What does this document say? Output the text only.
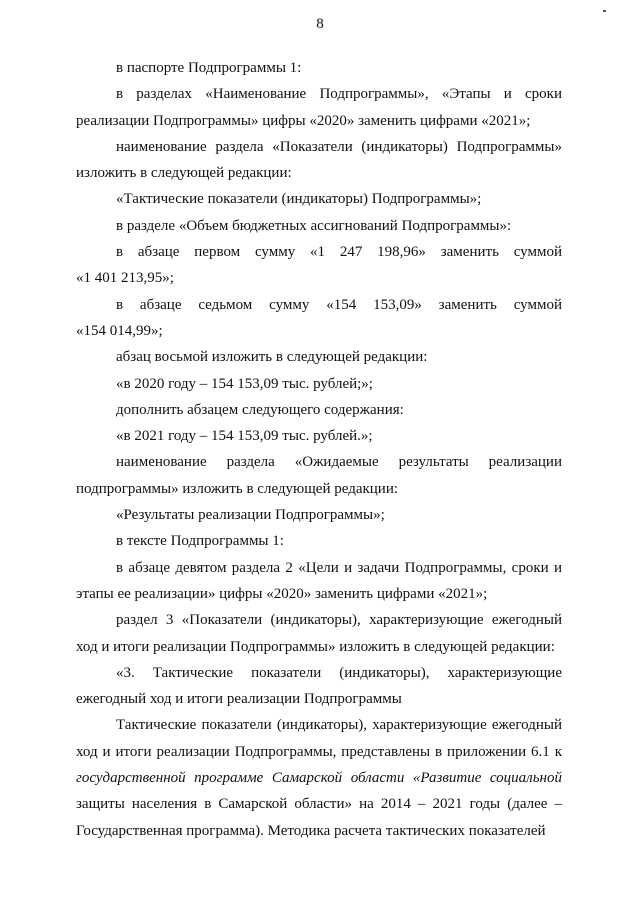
8

в паспорте Подпрограммы 1:

в разделах «Наименование Подпрограммы», «Этапы и сроки
реализации Подпрограммы» цифры «2020» заменить цифрами «2021»;

наименование раздела «Показатели (индикаторы) Подпрограммы»
изложить в следующей редакции:

«Тактические показатели (индикаторы) Подпрограммы»;

в разделе «Объем бюджетных ассигнований Подпрограммы»:

в абзаце первом сумму «1 247 198,96» заменить суммой
«1 401 213,95»;

в абзаце седьмом сумму «154 153,09» заменить суммой
«154 014,99»;

абзац восьмой изложить в следующей редакции:

«в 2020 году – 154 153,09 тыс. рублей;»;

дополнить абзацем следующего содержания:

«в 2021 году – 154 153,09 тыс. рублей.»;

наименование раздела «Ожидаемые результаты реализации
подпрограммы» изложить в следующей редакции:

«Результаты реализации Подпрограммы»;

в тексте Подпрограммы 1:

в абзаце девятом раздела 2 «Цели и задачи Подпрограммы, сроки и
этапы ее реализации» цифры «2020» заменить цифрами «2021»;

раздел 3 «Показатели (индикаторы), характеризующие ежегодный
ход и итоги реализации Подпрограммы» изложить в следующей редакции:

«3. Тактические показатели (индикаторы), характеризующие
ежегодный ход и итоги реализации Подпрограммы

Тактические показатели (индикаторы), характеризующие ежегодный ход и итоги реализации Подпрограммы, представлены в приложении 6.1 к государственной программе Самарской области «Развитие социальной защиты населения в Самарской области» на 2014 – 2021 годы (далее – Государственная программа). Методика расчета тактических показателей
